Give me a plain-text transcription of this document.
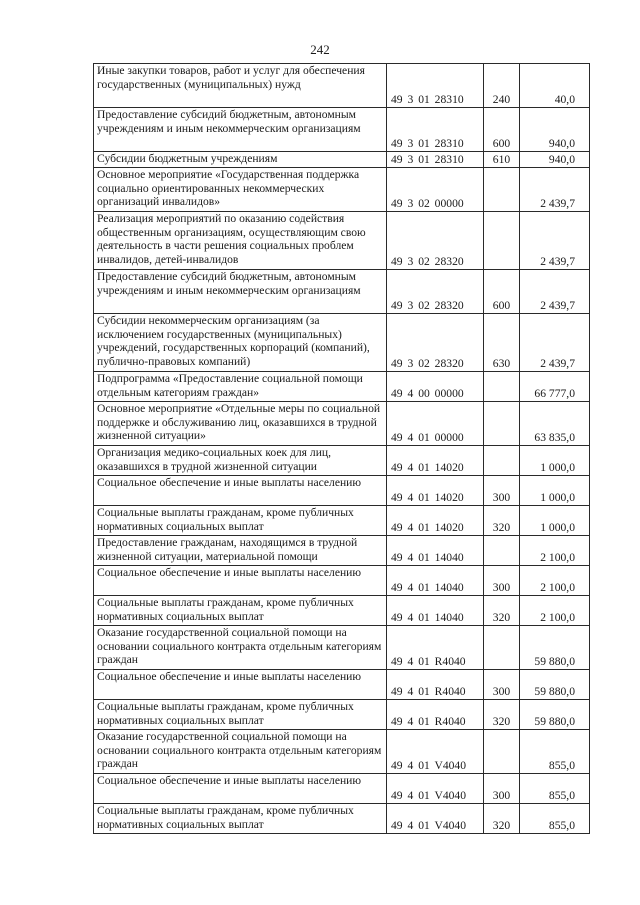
242
Иные закупки товаров, работ и услуг для обеспечения государственных (муниципальных) нужд	49 3 01 28310	240	40,0
Предоставление субсидий бюджетным, автономным учреждениям и иным некоммерческим организациям	49 3 01 28310	600	940,0
Субсидии бюджетным учреждениям	49 3 01 28310	610	940,0
Основное мероприятие «Государственная поддержка социально ориентированных некоммерческих организаций инвалидов»	49 3 02 00000		2 439,7
Реализация мероприятий по оказанию содействия общественным организациям, осуществляющим свою деятельность в части решения социальных проблем инвалидов, детей-инвалидов	49 3 02 28320		2 439,7
Предоставление субсидий бюджетным, автономным учреждениям и иным некоммерческим организациям	49 3 02 28320	600	2 439,7
Субсидии некоммерческим организациям (за исключением государственных (муниципальных) учреждений, государственных корпораций (компаний), публично-правовых компаний)	49 3 02 28320	630	2 439,7
Подпрограмма «Предоставление социальной помощи отдельным категориям граждан»	49 4 00 00000		66 777,0
Основное мероприятие «Отдельные меры по социальной поддержке и обслуживанию лиц, оказавшихся в трудной жизненной ситуации»	49 4 01 00000		63 835,0
Организация медико-социальных коек для лиц, оказавшихся в трудной жизненной ситуации	49 4 01 14020		1 000,0
Социальное обеспечение и иные выплаты населению	49 4 01 14020	300	1 000,0
Социальные выплаты гражданам, кроме публичных нормативных социальных выплат	49 4 01 14020	320	1 000,0
Предоставление гражданам, находящимся в трудной жизненной ситуации, материальной помощи	49 4 01 14040		2 100,0
Социальное обеспечение и иные выплаты населению	49 4 01 14040	300	2 100,0
Социальные выплаты гражданам, кроме публичных нормативных социальных выплат	49 4 01 14040	320	2 100,0
Оказание государственной социальной помощи на основании социального контракта отдельным категориям граждан	49 4 01 R4040		59 880,0
Социальное обеспечение и иные выплаты населению	49 4 01 R4040	300	59 880,0
Социальные выплаты гражданам, кроме публичных нормативных социальных выплат	49 4 01 R4040	320	59 880,0
Оказание государственной социальной помощи на основании социального контракта отдельным категориям граждан	49 4 01 V4040		855,0
Социальное обеспечение и иные выплаты населению	49 4 01 V4040	300	855,0
Социальные выплаты гражданам, кроме публичных нормативных социальных выплат	49 4 01 V4040	320	855,0
